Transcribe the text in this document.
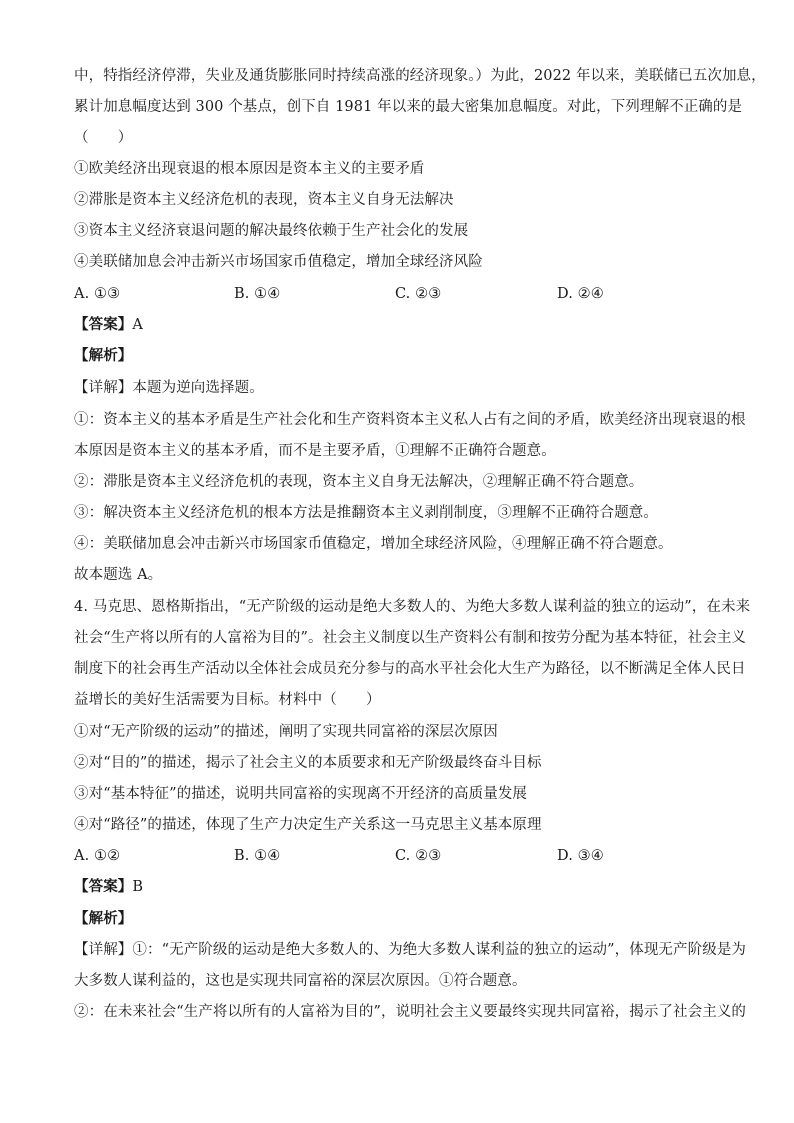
中，特指经济停滞，失业及通货膨胀同时持续高涨的经济现象。）为此，2022 年以来，美联储已五次加息，
累计加息幅度达到 300 个基点，创下自 1981 年以来的最大密集加息幅度。对此，下列理解不正确的是
（　　）
①欧美经济出现衰退的根本原因是资本主义的主要矛盾
②滞胀是资本主义经济危机的表现，资本主义自身无法解决
③资本主义经济衰退问题的解决最终依赖于生产社会化的发展
④美联储加息会冲击新兴市场国家币值稳定，增加全球经济风险
A. ①③	B. ①④	C. ②③	D. ②④
【答案】A
【解析】
【详解】本题为逆向选择题。
①：资本主义的基本矛盾是生产社会化和生产资料资本主义私人占有之间的矛盾，欧美经济出现衰退的根
本原因是资本主义的基本矛盾，而不是主要矛盾，①理解不正确符合题意。
②：滞胀是资本主义经济危机的表现，资本主义自身无法解决，②理解正确不符合题意。
③：解决资本主义经济危机的根本方法是推翻资本主义剥削制度，③理解不正确符合题意。
④：美联储加息会冲击新兴市场国家币值稳定，增加全球经济风险，④理解正确不符合题意。
故本题选 A。
4. 马克思、恩格斯指出，“无产阶级的运动是绝大多数人的、为绝大多数人谋利益的独立的运动”，在未来
社会“生产将以所有的人富裕为目的”。社会主义制度以生产资料公有制和按劳分配为基本特征，社会主义
制度下的社会再生产活动以全体社会成员充分参与的高水平社会化大生产为路径，以不断满足全体人民日
益增长的美好生活需要为目标。材料中（　　）
①对“无产阶级的运动”的描述，阐明了实现共同富裕的深层次原因
②对“目的”的描述，揭示了社会主义的本质要求和无产阶级最终奋斗目标
③对“基本特征”的描述，说明共同富裕的实现离不开经济的高质量发展
④对“路径”的描述，体现了生产力决定生产关系这一马克思主义基本原理
A. ①②	B. ①④	C. ②③	D. ③④
【答案】B
【解析】
【详解】①：“无产阶级的运动是绝大多数人的、为绝大多数人谋利益的独立的运动”，体现无产阶级是为
大多数人谋利益的，这也是实现共同富裕的深层次原因。①符合题意。
②：在未来社会“生产将以所有的人富裕为目的”，说明社会主义要最终实现共同富裕，揭示了社会主义的
